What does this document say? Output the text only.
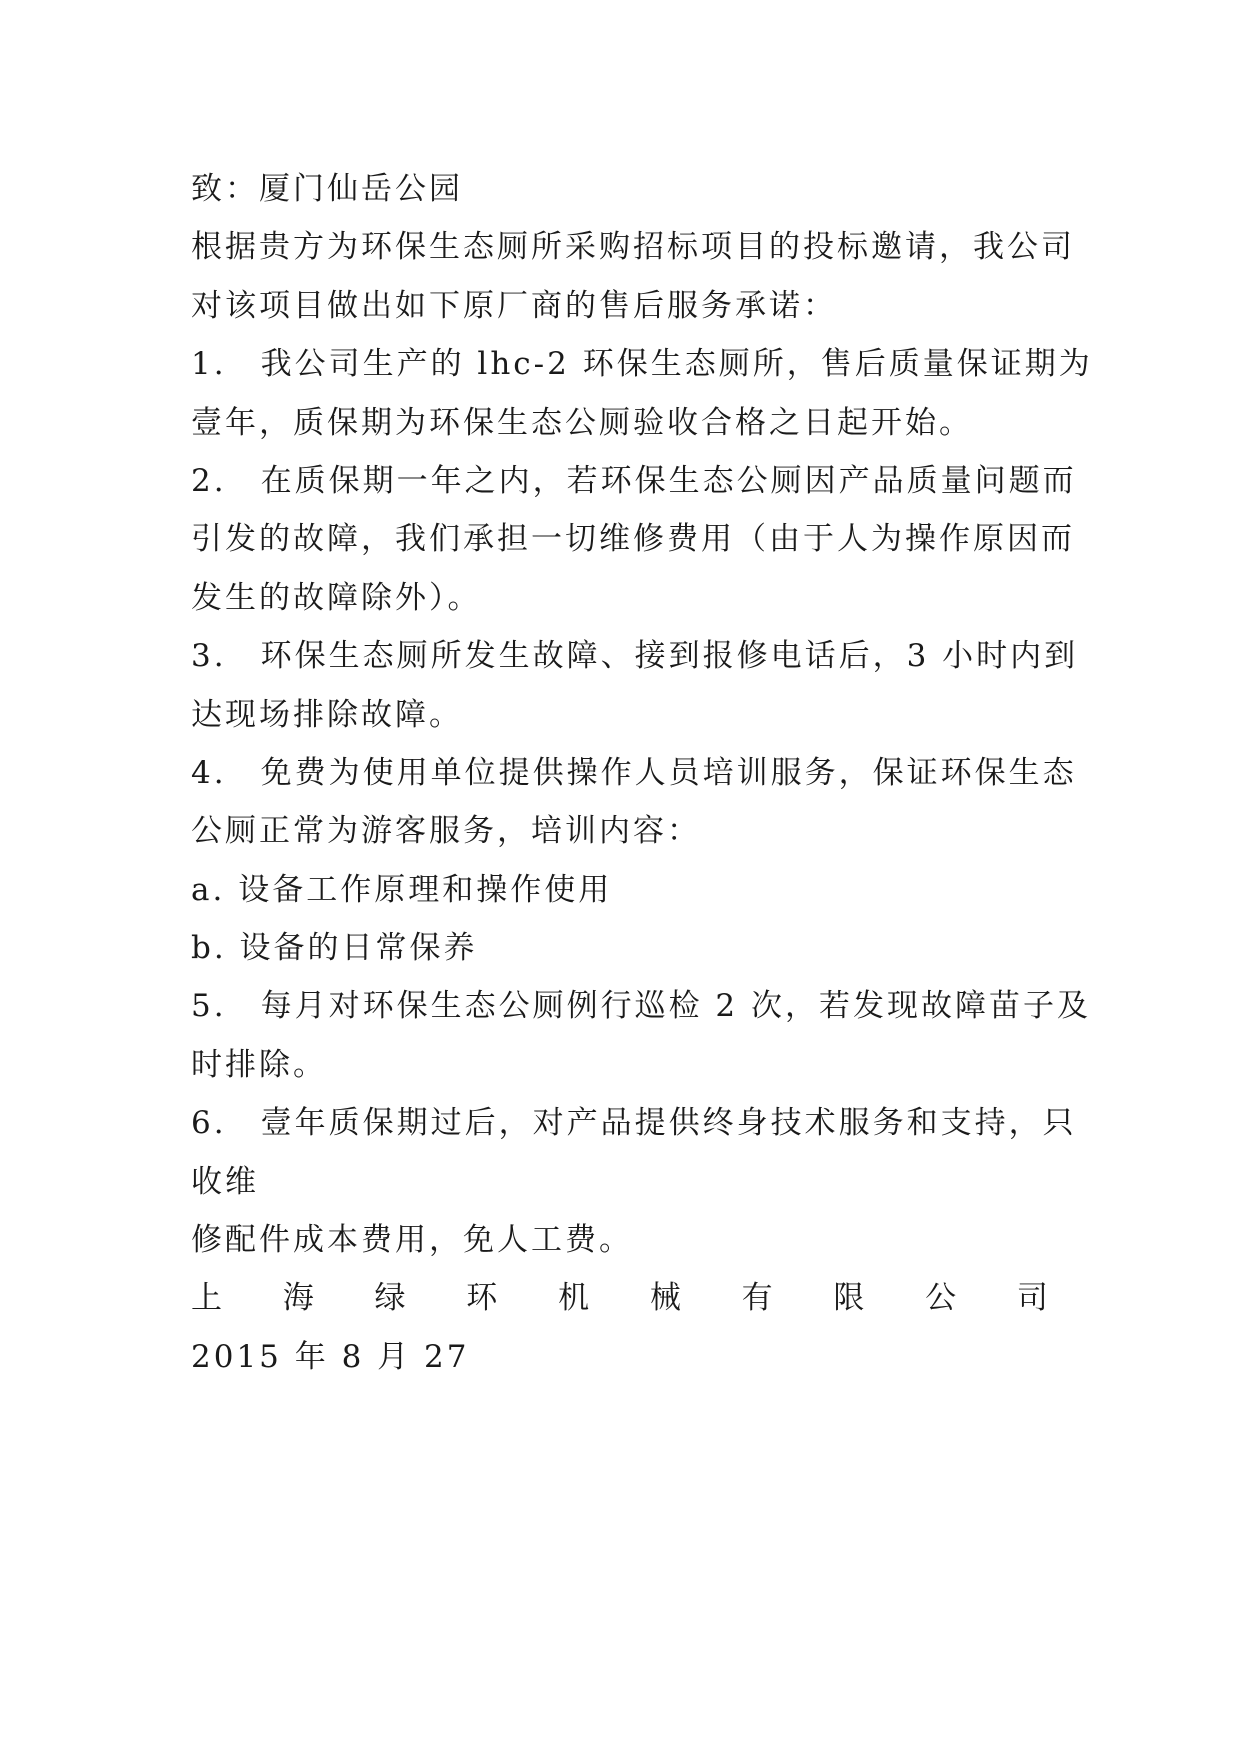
致：厦门仙岳公园
根据贵方为环保生态厕所采购招标项目的投标邀请，我公司
对该项目做出如下原厂商的售后服务承诺：
1.　我公司生产的 lhc-2 环保生态厕所，售后质量保证期为
壹年，质保期为环保生态公厕验收合格之日起开始。
2.　在质保期一年之内，若环保生态公厕因产品质量问题而
引发的故障，我们承担一切维修费用（由于人为操作原因而
发生的故障除外）。
3.　环保生态厕所发生故障、接到报修电话后，3 小时内到
达现场排除故障。
4.　免费为使用单位提供操作人员培训服务，保证环保生态
公厕正常为游客服务，培训内容：
a. 设备工作原理和操作使用
b. 设备的日常保养
5.　每月对环保生态公厕例行巡检 2 次，若发现故障苗子及
时排除。
6.　壹年质保期过后，对产品提供终身技术服务和支持，只
收维
修配件成本费用，免人工费。
上 海 绿 环 机 械 有 限 公 司
2015 年 8 月 27
